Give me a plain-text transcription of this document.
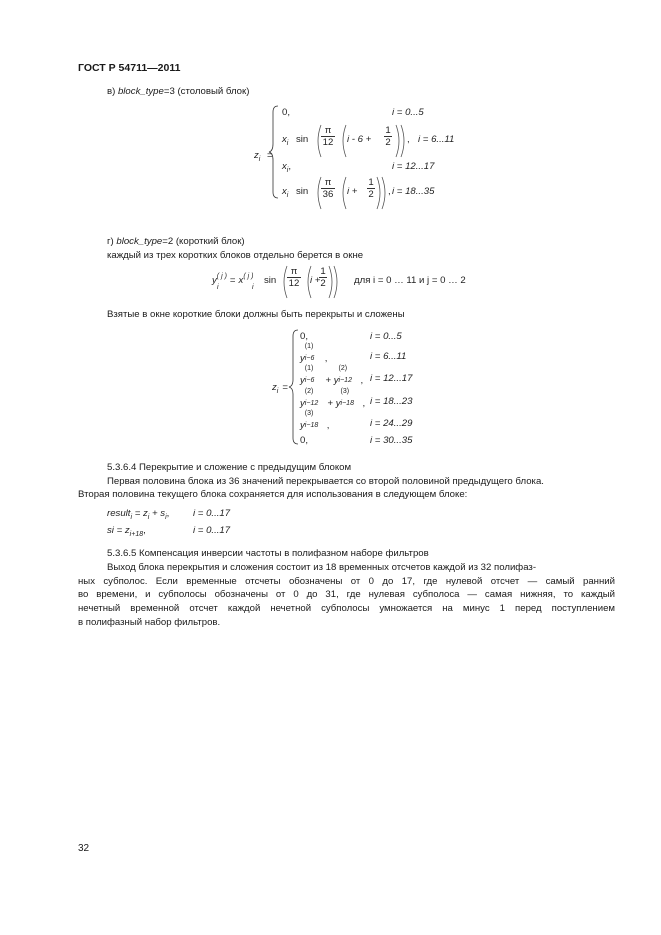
ГОСТ Р 54711—2011
в) block_type=3 (столовый блок)
$z_i$ =
0,	i = 0...5
$x_i$ sin
π
12 i - 6 +
1
2 , i = 6...11
$x_i$,	i = 12...17
$x_i$ sin
π
36 i +
1
2 , i = 18...35
г) block_type=2 (короткий блок)
каждый из трех коротких блоков отдельно берется в окне
$y^{( j )} = x^{( j )}$
i	i
sin
π
12 i +
1
2	для i = 0 … 11 и j = 0 … 2
Взятые в окне короткие блоки должны быть перекрыты и сложены
$z_i$ =
0,	i = 0...5
y
(1)
i−6 ,	i = 6...11
y
(1)
i−6 + y
(2)
i−12 , i = 12...17
y
(2)
i−12 + y
(3)
i−18 , i = 18...23
y
(3)
i−18 ,	i = 24...29
0,	i = 30...35
5.3.6.4 Перекрытие и сложение с предыдущим блоком
Первая половина блока из 36 значений перекрывается со второй половиной предыдущего блока.
Вторая половина текущего блока сохраняется для использования в следующем блоке:
result$_i$ = $z_i + s_i$, i = 0...17
si = $z_{i+18}$,	i = 0...17
5.3.6.5 Компенсация инверсии частоты в полифазном наборе фильтров
Выход блока перекрытия и сложения состоит из 18 временных отсчетов каждой из 32 полифаз-
ных субполос. Если временные отсчеты обозначены от 0 до 17, где нулевой отсчет — самый ранний
во времени, и субполосы обозначены от 0 до 31, где нулевая субполоса — самая нижняя, то каждый
нечетный временной отсчет каждой нечетной субполосы умножается на минус 1 перед поступлением
в полифазный набор фильтров.
32
